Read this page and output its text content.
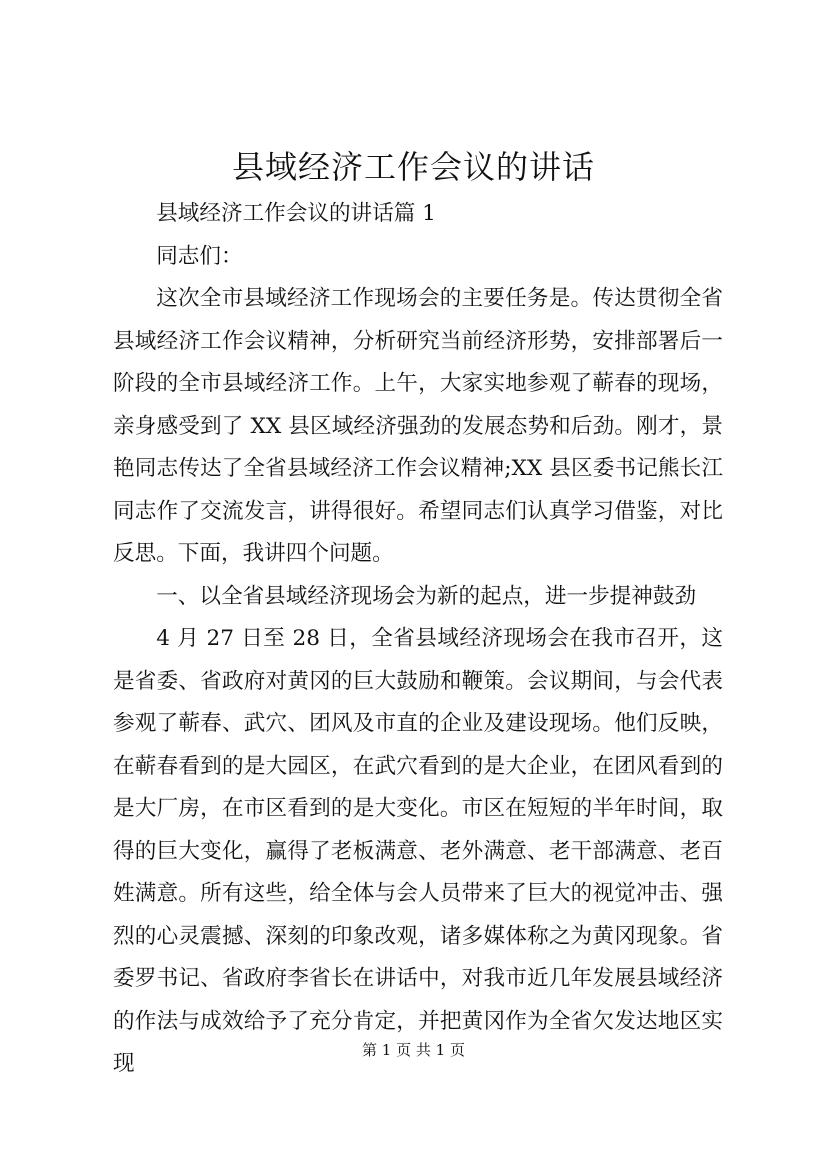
县域经济工作会议的讲话

县域经济工作会议的讲话篇 1

同志们：

这次全市县域经济工作现场会的主要任务是。传达贯彻全省县域经济工作会议精神，分析研究当前经济形势，安排部署后一阶段的全市县域经济工作。上午，大家实地参观了蕲春的现场，亲身感受到了 XX 县区域经济强劲的发展态势和后劲。刚才，景艳同志传达了全省县域经济工作会议精神;XX 县区委书记熊长江同志作了交流发言，讲得很好。希望同志们认真学习借鉴，对比反思。下面，我讲四个问题。

一、以全省县域经济现场会为新的起点，进一步提神鼓劲

4 月 27 日至 28 日，全省县域经济现场会在我市召开，这是省委、省政府对黄冈的巨大鼓励和鞭策。会议期间，与会代表参观了蕲春、武穴、团风及市直的企业及建设现场。他们反映，在蕲春看到的是大园区，在武穴看到的是大企业，在团风看到的是大厂房，在市区看到的是大变化。市区在短短的半年时间，取得的巨大变化，赢得了老板满意、老外满意、老干部满意、老百姓满意。所有这些，给全体与会人员带来了巨大的视觉冲击、强烈的心灵震撼、深刻的印象改观，诸多媒体称之为黄冈现象。省委罗书记、省政府李省长在讲话中，对我市近几年发展县域经济的作法与成效给予了充分肯定，并把黄冈作为全省欠发达地区实现

第 1 页 共 1 页
